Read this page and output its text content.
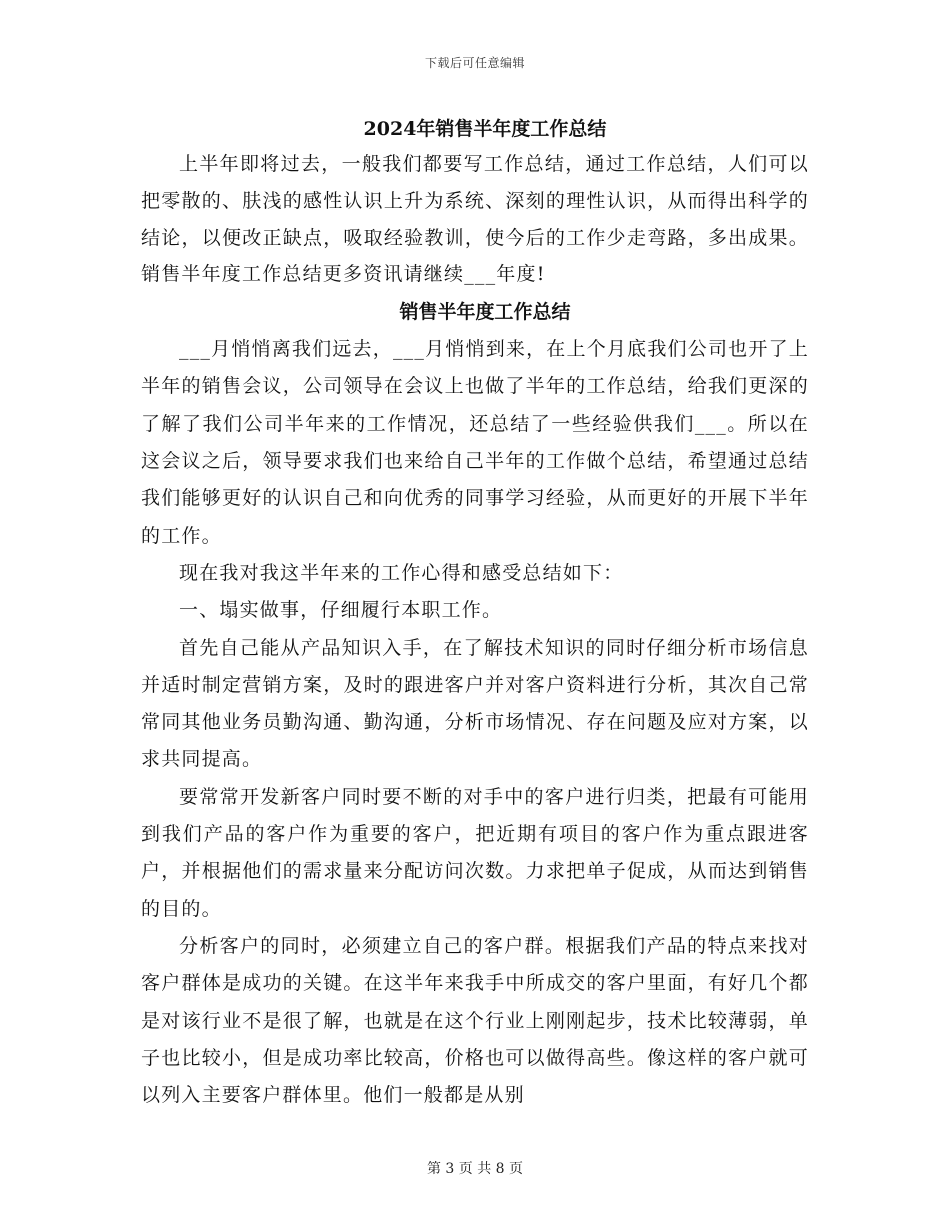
下载后可任意编辑
2024年销售半年度工作总结

上半年即将过去，一般我们都要写工作总结，通过工作总结，人们可以把零散的、肤浅的感性认识上升为系统、深刻的理性认识，从而得出科学的结论，以便改正缺点，吸取经验教训，使今后的工作少走弯路，多出成果。销售半年度工作总结更多资讯请继续___年度!

销售半年度工作总结

___月悄悄离我们远去，___月悄悄到来，在上个月底我们公司也开了上半年的销售会议，公司领导在会议上也做了半年的工作总结，给我们更深的了解了我们公司半年来的工作情况，还总结了一些经验供我们___。所以在这会议之后，领导要求我们也来给自己半年的工作做个总结，希望通过总结我们能够更好的认识自己和向优秀的同事学习经验，从而更好的开展下半年的工作。

现在我对我这半年来的工作心得和感受总结如下：

一、塌实做事，仔细履行本职工作。

首先自己能从产品知识入手，在了解技术知识的同时仔细分析市场信息并适时制定营销方案，及时的跟进客户并对客户资料进行分析，其次自己常常同其他业务员勤沟通、勤沟通，分析市场情况、存在问题及应对方案，以求共同提高。

要常常开发新客户同时要不断的对手中的客户进行归类，把最有可能用到我们产品的客户作为重要的客户，把近期有项目的客户作为重点跟进客户，并根据他们的需求量来分配访问次数。力求把单子促成，从而达到销售的目的。

分析客户的同时，必须建立自己的客户群。根据我们产品的特点来找对客户群体是成功的关键。在这半年来我手中所成交的客户里面，有好几个都是对该行业不是很了解，也就是在这个行业上刚刚起步，技术比较薄弱，单子也比较小，但是成功率比较高，价格也可以做得高些。像这样的客户就可以列入主要客户群体里。他们一般都是从别

第 3 页 共 8 页
